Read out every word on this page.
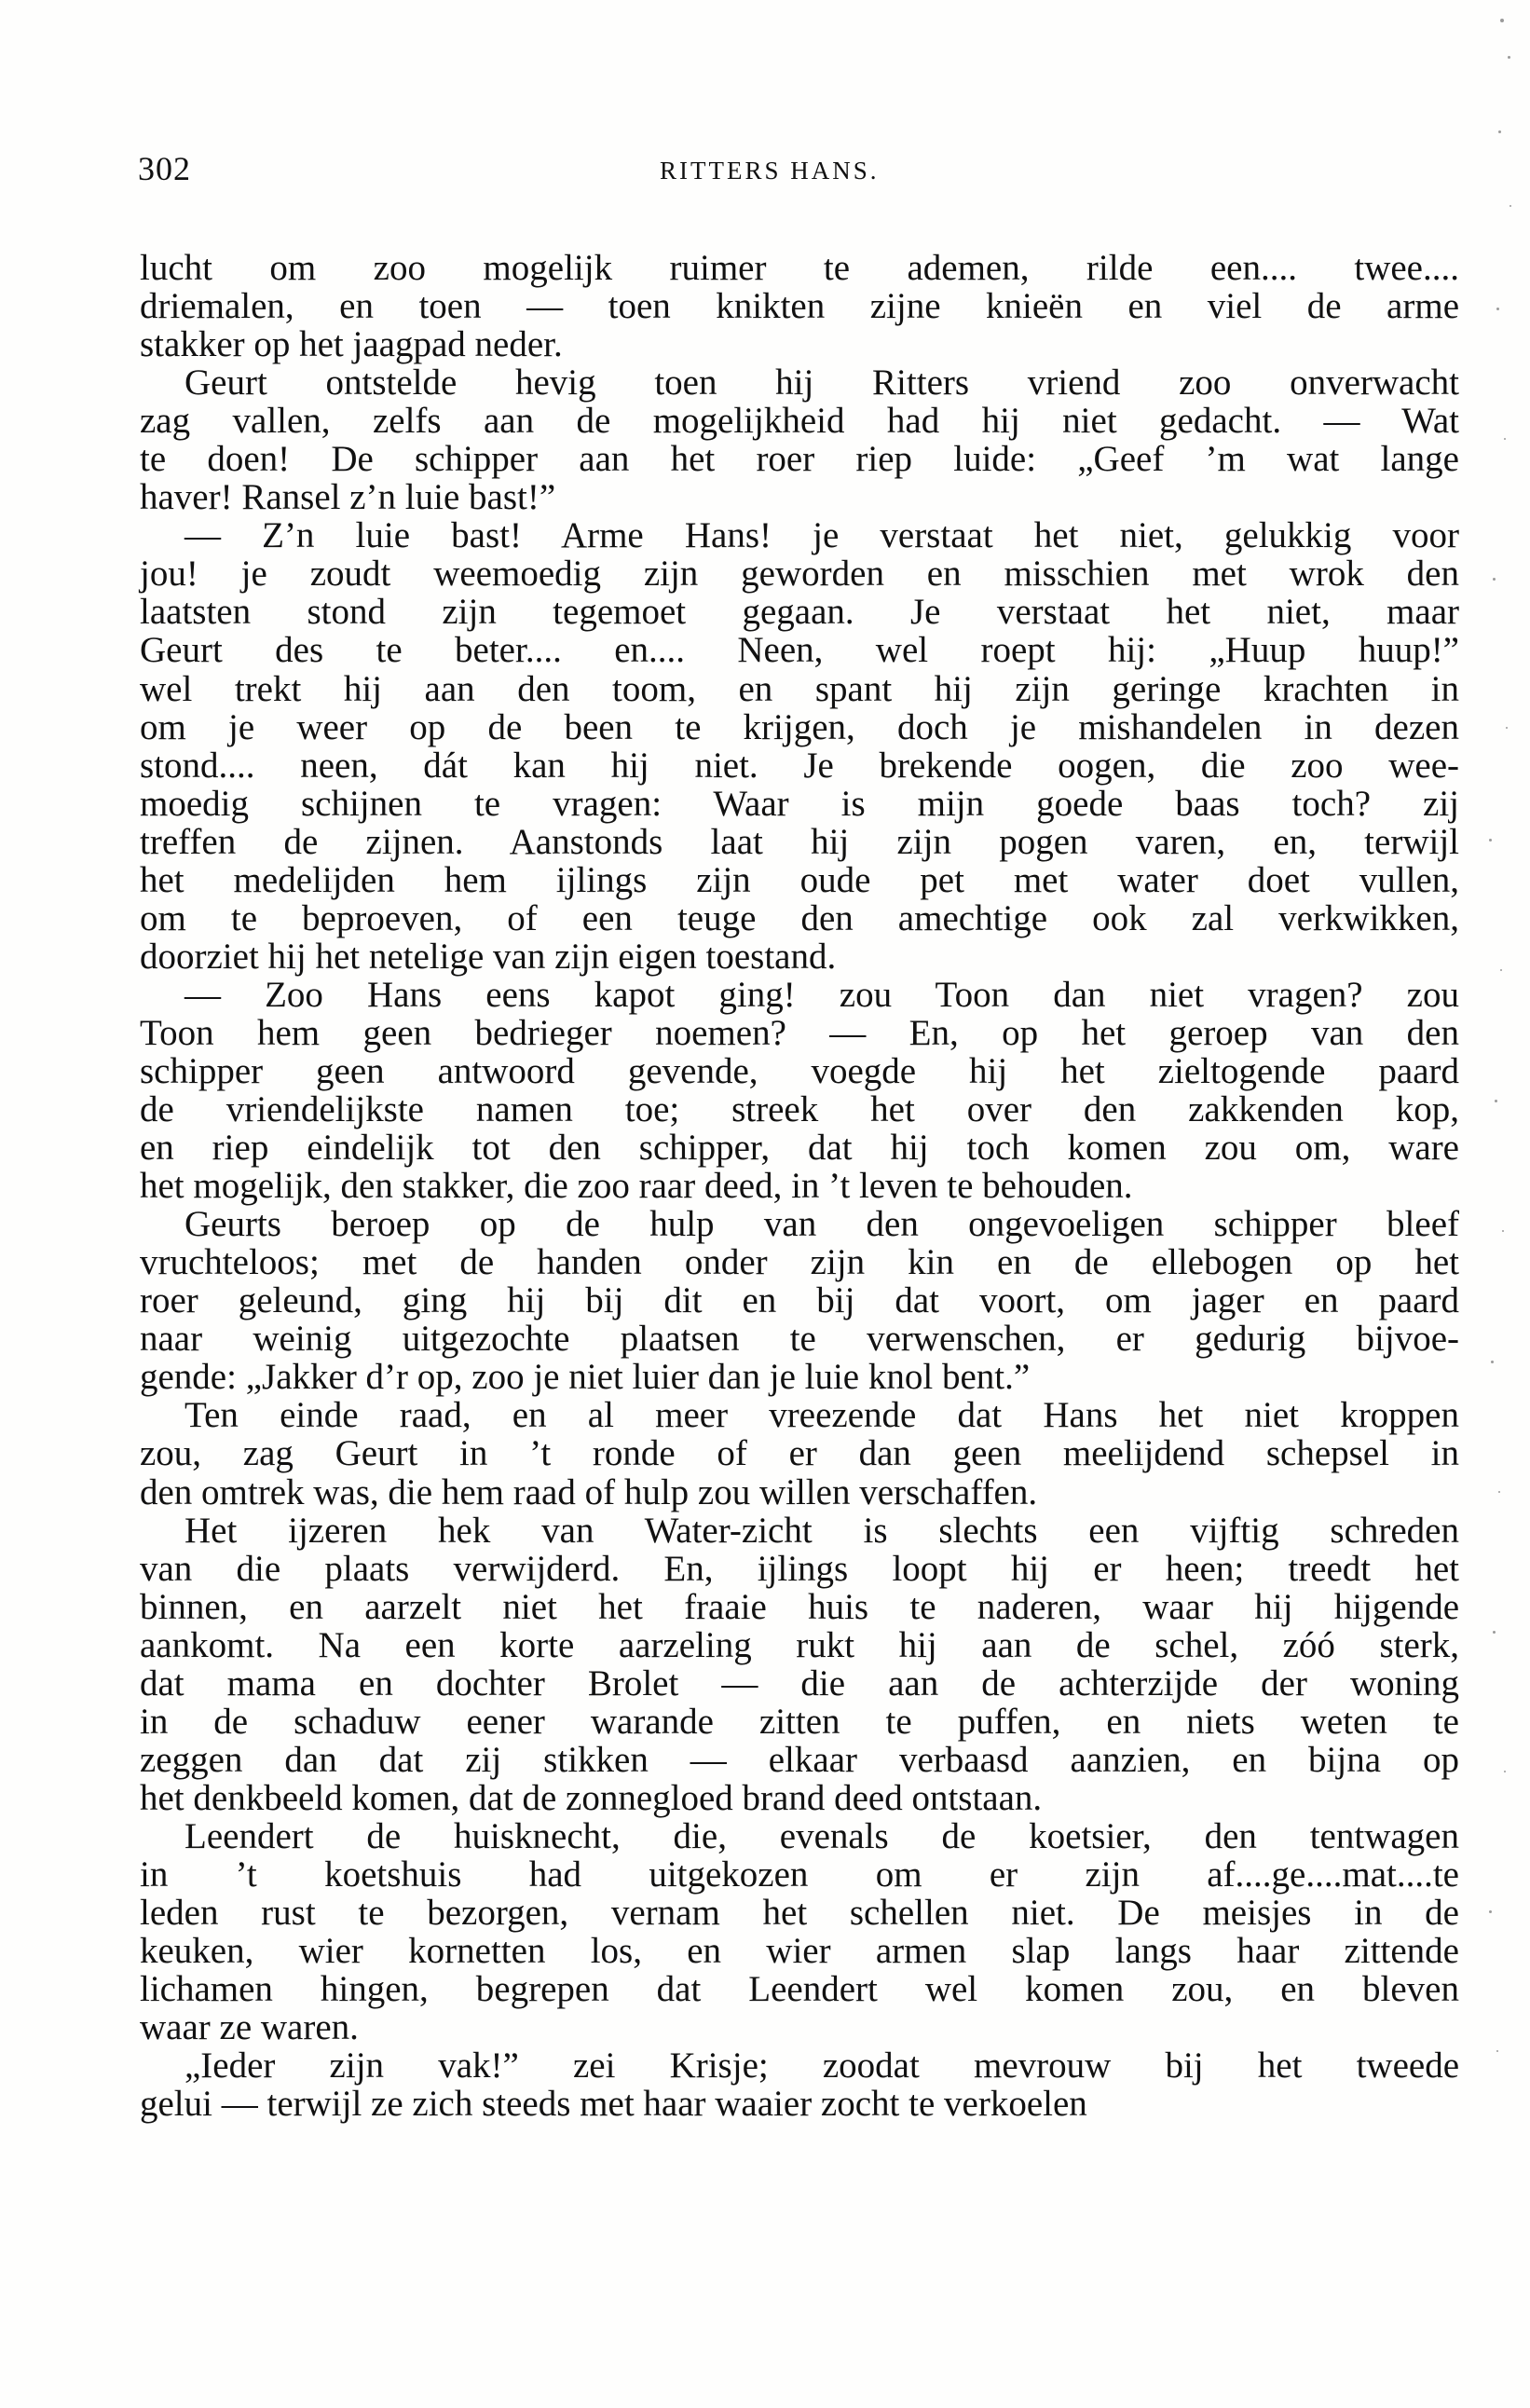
302	RITTERS HANS.
lucht om zoo mogelijk ruimer te ademen, rilde een.... twee....
driemalen, en toen — toen knikten zijne knieën en viel de arme
stakker op het jaagpad neder.
Geurt ontstelde hevig toen hij Ritters vriend zoo onverwacht
zag vallen, zelfs aan de mogelijkheid had hij niet gedacht. — Wat
te doen! De schipper aan het roer riep luide: „Geef ’m wat lange
haver! Ransel z’n luie bast!”
— Z’n luie bast! Arme Hans! je verstaat het niet, gelukkig voor
jou! je zoudt weemoedig zijn geworden en misschien met wrok den
laatsten stond zijn tegemoet gegaan. Je verstaat het niet, maar
Geurt des te beter.... en.... Neen, wel roept hij: „Huup huup!”
wel trekt hij aan den toom, en spant hij zijn geringe krachten in
om je weer op de been te krijgen, doch je mishandelen in dezen
stond.... neen, dát kan hij niet. Je brekende oogen, die zoo wee-
moedig schijnen te vragen: Waar is mijn goede baas toch? zij
treffen de zijnen. Aanstonds laat hij zijn pogen varen, en, terwijl
het medelijden hem ijlings zijn oude pet met water doet vullen,
om te beproeven, of een teuge den amechtige ook zal verkwikken,
doorziet hij het netelige van zijn eigen toestand.
— Zoo Hans eens kapot ging! zou Toon dan niet vragen? zou
Toon hem geen bedrieger noemen? — En, op het geroep van den
schipper geen antwoord gevende, voegde hij het zieltogende paard
de vriendelijkste namen toe; streek het over den zakkenden kop,
en riep eindelijk tot den schipper, dat hij toch komen zou om, ware
het mogelijk, den stakker, die zoo raar deed, in ’t leven te behouden.
Geurts beroep op de hulp van den ongevoeligen schipper bleef
vruchteloos; met de handen onder zijn kin en de ellebogen op het
roer geleund, ging hij bij dit en bij dat voort, om jager en paard
naar weinig uitgezochte plaatsen te verwenschen, er gedurig bijvoe-
gende: „Jakker d’r op, zoo je niet luier dan je luie knol bent.”
Ten einde raad, en al meer vreezende dat Hans het niet kroppen
zou, zag Geurt in ’t ronde of er dan geen meelijdend schepsel in
den omtrek was, die hem raad of hulp zou willen verschaffen.
Het ijzeren hek van Water-zicht is slechts een vijftig schreden
van die plaats verwijderd. En, ijlings loopt hij er heen; treedt het
binnen, en aarzelt niet het fraaie huis te naderen, waar hij hijgende
aankomt. Na een korte aarzeling rukt hij aan de schel, zóó sterk,
dat mama en dochter Brolet — die aan de achterzijde der woning
in de schaduw eener warande zitten te puffen, en niets weten te
zeggen dan dat zij stikken — elkaar verbaasd aanzien, en bijna op
het denkbeeld komen, dat de zonnegloed brand deed ontstaan.
Leendert de huisknecht, die, evenals de koetsier, den tentwagen
in ’t koetshuis had uitgekozen om er zijn af....ge....mat....te
leden rust te bezorgen, vernam het schellen niet. De meisjes in de
keuken, wier kornetten los, en wier armen slap langs haar zittende
lichamen hingen, begrepen dat Leendert wel komen zou, en bleven
waar ze waren.
„Ieder zijn vak!” zei Krisje; zoodat mevrouw bij het tweede
gelui — terwijl ze zich steeds met haar waaier zocht te verkoelen
